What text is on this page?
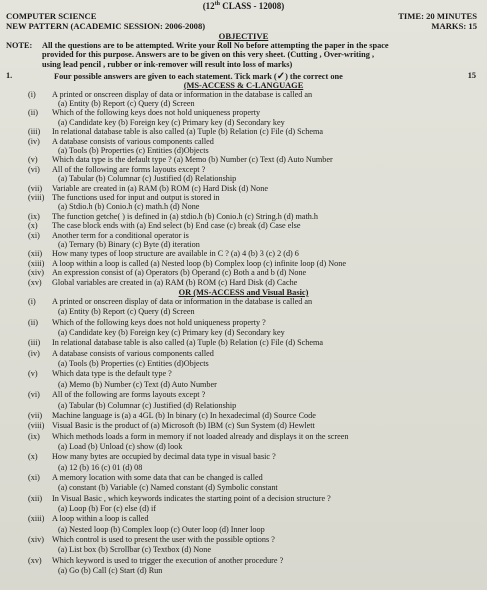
(12th CLASS - 12008)
COMPUTER SCIENCE	TIME: 20 MINUTES
NEW PATTERN (ACADEMIC SESSION: 2006-2008)	MARKS: 15
OBJECTIVE
NOTE: All the questions are to be attempted. Write your Roll No before attempting the paper in the space
provided for this purpose. Answers are to be given on this very sheet. (Cutting , Over-writing ,
using lead pencil , rubber or ink-remover will result into loss of marks)
1.	Four possible answers are given to each statement. Tick mark (✓) the correct one	15
(MS-ACCESS & C-LANGUAGE
(i) A printed or onscreen display of data or information in the database is called an
(a) Entity (b) Report (c) Query (d) Screen
(ii) Which of the following keys does not hold uniqueness property
(a) Candidate key (b) Foreign key (c) Primary key (d) Secondary key
(iii) In relational database table is also called (a) Tuple (b) Relation (c) File (d) Schema
(iv) A database consists of various components called
(a) Tools (b) Properties (c) Entities (d)Objects
(v) Which data type is the default type ? (a) Memo (b) Number (c) Text (d) Auto Number
(vi) All of the following are forms layouts except ?
(a) Tabular (b) Columnar (c) Justified (d) Relationship
(vii) Variable are created in (a) RAM (b) ROM (c) Hard Disk (d) None
(viii) The functions used for input and output is stored in
(a) Stdio.h (b) Conio.h (c) math.h (d) None
(ix) The function getche( ) is defined in (a) stdio.h (b) Conio.h (c) String.h (d) math.h
(x) The case block ends with (a) End select (b) End case (c) break (d) Case else
(xi) Another term for a conditional operator is
(a) Ternary (b) Binary (c) Byte (d) iteration
(xii) How many types of loop structure are available in C ? (a) 4 (b) 3 (c) 2 (d) 6
(xiii) A loop within a loop is called (a) Nested loop (b) Complex loop (c) infinite loop (d) None
(xiv) An expression consist of (a) Operators (b) Operand (c) Both a and b (d) None
(xv) Global variables are created in (a) RAM (b) ROM (c) Hard Disk (d) Cache
OR (MS-ACCESS and Visual Basic)
(i) A printed or onscreen display of data or information in the database is called an
(a) Entity (b) Report (c) Query (d) Screen
(ii) Which of the following keys does not hold uniqueness property ?
(a) Candidate key (b) Foreign key (c) Primary key (d) Secondary key
(iii) In relational database table is also called (a) Tuple (b) Relation (c) File (d) Schema
(iv) A database consists of various components called
(a) Tools (b) Properties (c) Entities (d)Objects
(v) Which data type is the default type ?
(a) Memo (b) Number (c) Text (d) Auto Number
(vi) All of the following are forms layouts except ?
(a) Tabular (b) Columnar (c) Justified (d) Relationship
(vii) Machine language is (a) a 4GL (b) In binary (c) In hexadecimal (d) Source Code
(viii) Visual Basic is the product of (a) Microsoft (b) IBM (c) Sun System (d) Hewlett
(ix) Which methods loads a form in memory if not loaded already and displays it on the screen
(a) Load (b) Unload (c) show (d) look
(x) How many bytes are occupied by decimal data type in visual basic ?
(a) 12 (b) 16 (c) 01 (d) 08
(xi) A memory location with some data that can be changed is called
(a) constant (b) Variable (c) Named constant (d) Symbolic constant
(xii) In Visual Basic , which keywords indicates the starting point of a decision structure ?
(a) Loop (b) For (c) else (d) if
(xiii) A loop within a loop is called
(a) Nested loop (b) Complex loop (c) Outer loop (d) Inner loop
(xiv) Which control is used to present the user with the possible options ?
(a) List box (b) Scrollbar (c) Textbox (d) None
(xv) Which keyword is used to trigger the execution of another procedure ?
(a) Go (b) Call (c) Start (d) Run
